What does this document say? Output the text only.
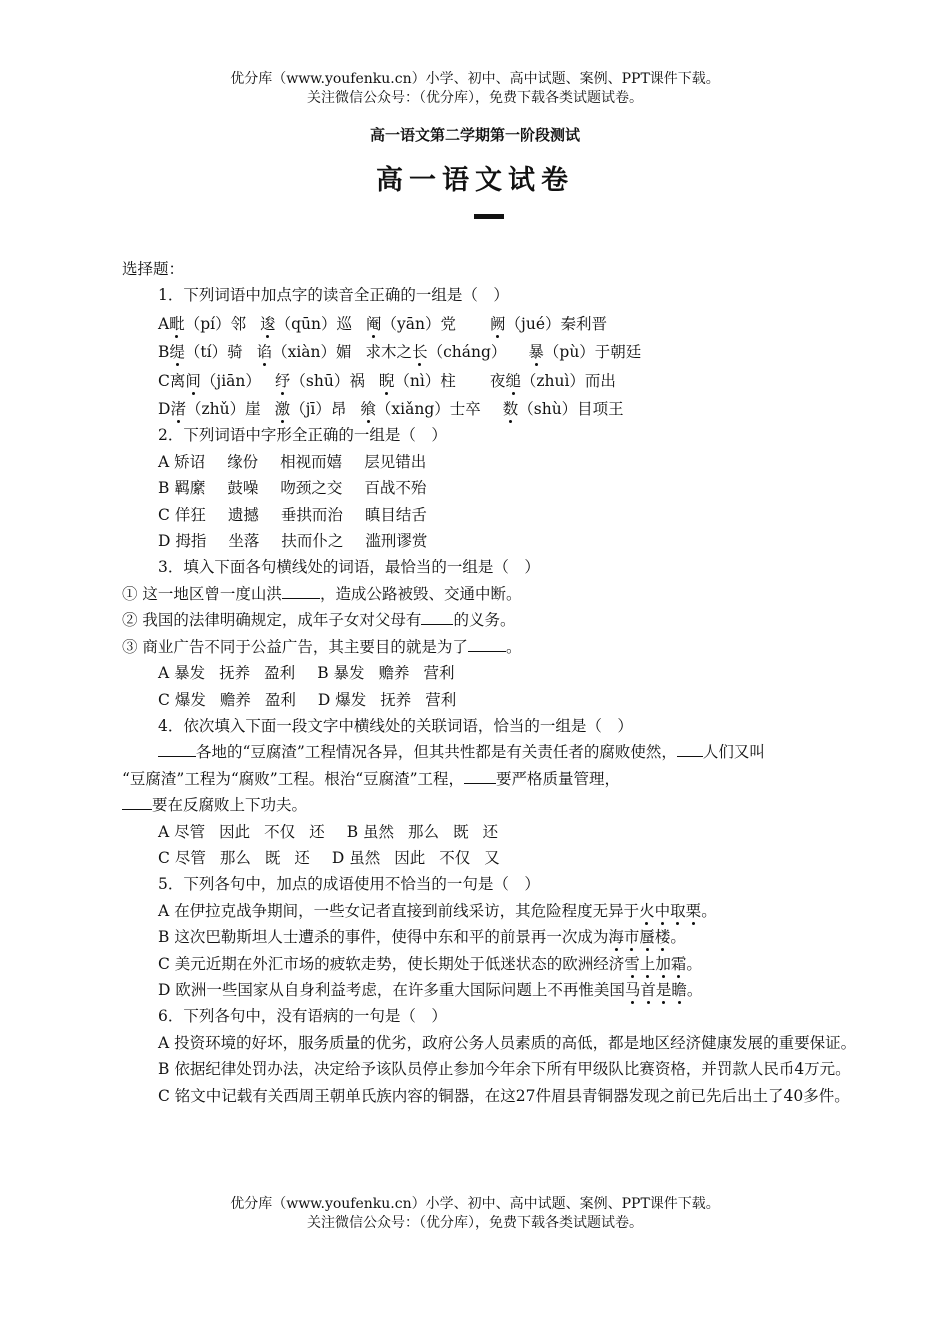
优分库（www.youfenku.cn）小学、初中、高中试题、案例、PPT课件下载。
关注微信公众号：（优分库），免费下载各类试题试卷。
高一语文第二学期第一阶段测试
高一语文试卷
选择题：
1．下列词语中加点字的读音全正确的一组是（　）
A毗（pí）邻 逡（qūn）巡 阉（yān）党 阙（jué）秦利晋
B缇（tí）骑 谄（xiàn）媚 求木之长（cháng） 暴（pù）于朝廷
C离间（jiān） 纾（shū）祸 睨（nì）柱 夜缒（zhuì）而出
D渚（zhǔ）崖 激（jī）昂 飨（xiǎng）士卒 数（shù）目项王
2．下列词语中字形全正确的一组是（　）
A 矫诏 缘份 相视而嬉 层见错出
B 羁縻 鼓噪 吻颈之交 百战不殆
C 佯狂 遗撼 垂拱而治 瞋目结舌
D 拇指 坐落 扶而仆之 滥刑谬赏
3．填入下面各句横线处的词语，最恰当的一组是（　）
① 这一地区曾一度山洪 ，造成公路被毁、交通中断。
② 我国的法律明确规定，成年子女对父母有 的义务。
③ 商业广告不同于公益广告，其主要目的就是为了 。
A 暴发 抚养 盈利 B 暴发 赡养 营利
C 爆发 赡养 盈利 D 爆发 抚养 营利
4．依次填入下面一段文字中横线处的关联词语，恰当的一组是（　）
各地的“豆腐渣”工程情况各异，但其共性都是有关责任者的腐败使然， 人们又叫
“豆腐渣”工程为“腐败”工程。根治“豆腐渣”工程， 要严格质量管理，
要在反腐败上下功夫。
A 尽管 因此 不仅 还 B 虽然 那么 既 还
C 尽管 那么 既 还 D 虽然 因此 不仅 又
5．下列各句中，加点的成语使用不恰当的一句是（　）
A 在伊拉克战争期间，一些女记者直接到前线采访，其危险程度无异于火中取栗。
B 这次巴勒斯坦人士遭杀的事件，使得中东和平的前景再一次成为海市蜃楼。
C 美元近期在外汇市场的疲软走势，使长期处于低迷状态的欧洲经济雪上加霜。
D 欧洲一些国家从自身利益考虑，在许多重大国际问题上不再惟美国马首是瞻。
6．下列各句中，没有语病的一句是（　）
A 投资环境的好坏，服务质量的优劣，政府公务人员素质的高低，都是地区经济健康发展的重要保证。
B 依据纪律处罚办法，决定给予该队员停止参加今年余下所有甲级队比赛资格，并罚款人民币4万元。
C 铭文中记载有关西周王朝单氏族内容的铜器，在这27件眉县青铜器发现之前已先后出土了40多件。
优分库（www.youfenku.cn）小学、初中、高中试题、案例、PPT课件下载。
关注微信公众号：（优分库），免费下载各类试题试卷。
